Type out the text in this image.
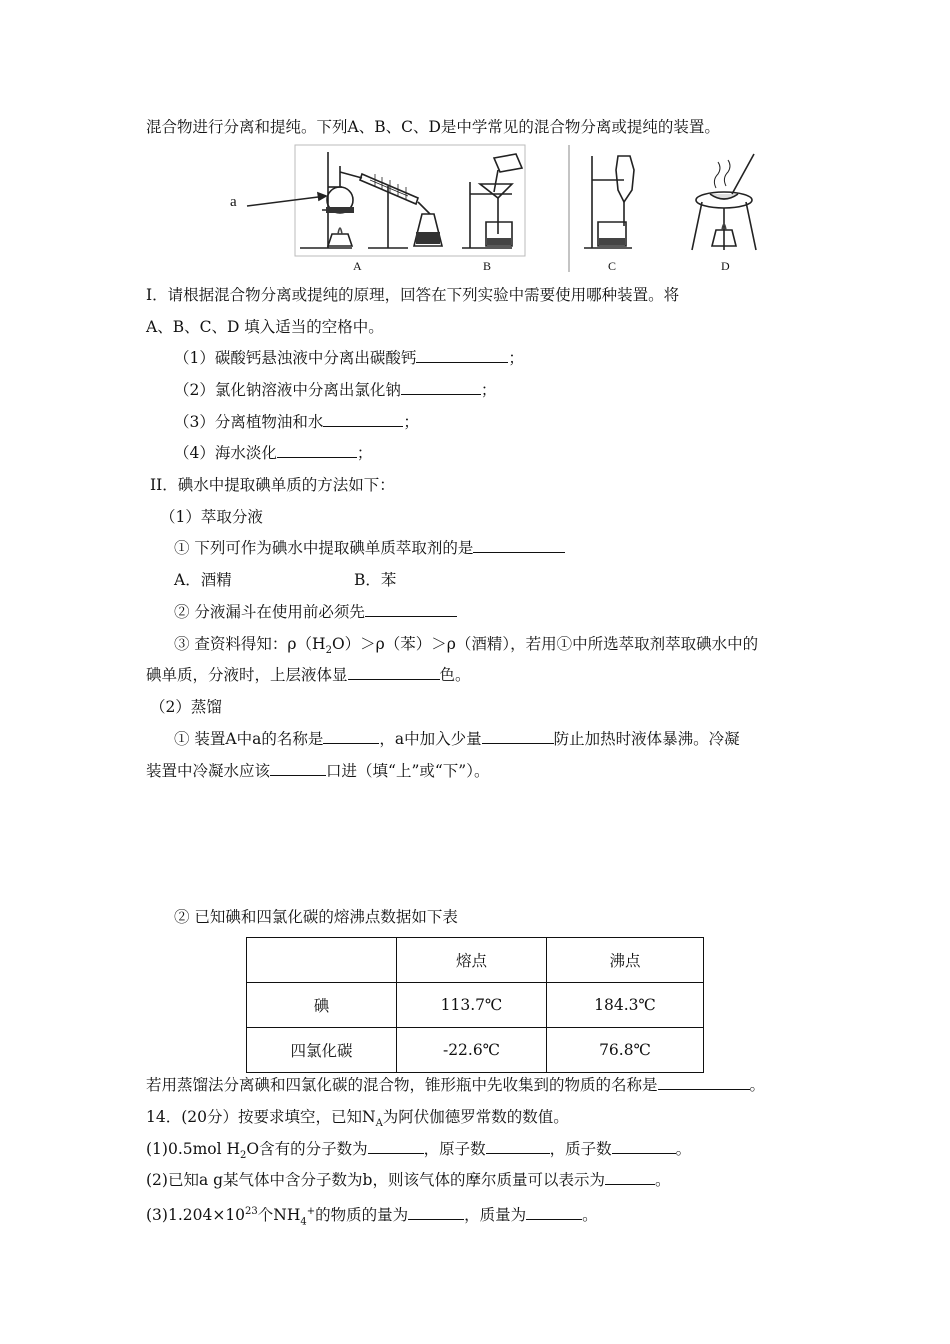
混合物进行分离和提纯。下列A、B、C、D是中学常见的混合物分离或提纯的装置。
a
A	B	C	D
I．请根据混合物分离或提纯的原理，回答在下列实验中需要使用哪种装置。将
A、B、C、D 填入适当的空格中。
（1）碳酸钙悬浊液中分离出碳酸钙	；
（2）氯化钠溶液中分离出氯化钠	；
（3）分离植物油和水	；
（4）海水淡化	；
II．碘水中提取碘单质的方法如下：
（1）萃取分液
① 下列可作为碘水中提取碘单质萃取剂的是
A．酒精	B．苯
② 分液漏斗在使用前必须先
③ 查资料得知：$\rho(H_2O)>\rho$（苯）＞ρ（酒精），若用①中所选萃取剂萃取碘水中的
碘单质，分液时，上层液体显	色。
（2）蒸馏
① 装置A中a的名称是	，a中加入少量	防止加热时液体暴沸。冷凝
装置中冷凝水应该	口进（填“上”或“下”）。
② 已知碘和四氯化碳的熔沸点数据如下表
	熔点	沸点
碘	113.7℃	184.3℃
四氯化碳	-22.6℃	76.8℃
若用蒸馏法分离碘和四氯化碳的混合物，锥形瓶中先收集到的物质的名称是	。
14．(20分）按要求填空，已知$N_A$为阿伏伽德罗常数的数值。
(1)0.5mol $H_2O$含有的分子数为	，原子数	，质子数	。
(2)已知a g某气体中含分子数为b，则该气体的摩尔质量可以表示为	。
$(3)1.204\times 10^{23}$个$NH_4^+$的物质的量为	，质量为	。
